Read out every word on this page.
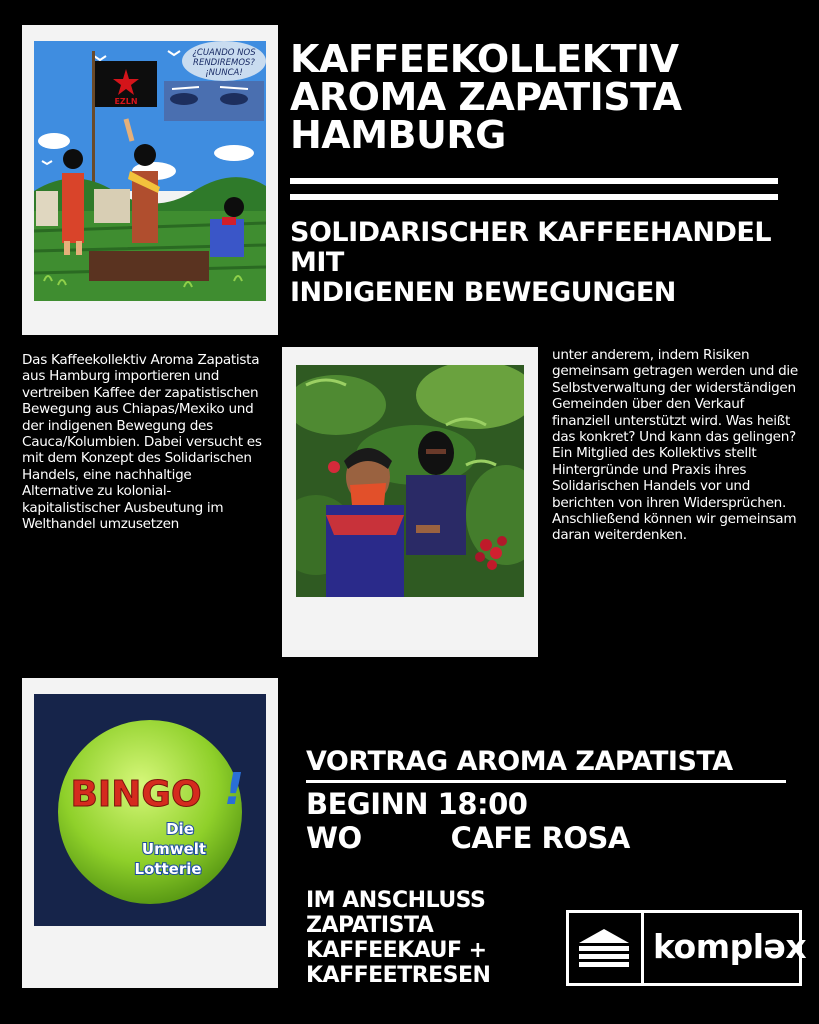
¿CUANDO NOS
RENDIREMOS?
¡NUNCA!
EZLN
KAFFEEKOLLEKTIV
AROMA ZAPATISTA
HAMBURG
SOLIDARISCHER KAFFEEHANDEL
MIT
INDIGENEN BEWEGUNGEN
Das Kaffeekollektiv Aroma Zapatista aus Hamburg importieren und vertreiben Kaffee der zapatistischen Bewegung aus Chiapas/Mexiko und der indigenen Bewegung des Cauca/Kolumbien. Dabei versucht es mit dem Konzept des Solidarischen Handels, eine nachhaltige Alternative zu kolonial-kapitalistischer Ausbeutung im Welthandel umzusetzen
unter anderem, indem Risiken gemeinsam getragen werden und die Selbstverwaltung der widerständigen Gemeinden über den Verkauf finanziell unterstützt wird. Was heißt das konkret? Und kann das gelingen? Ein Mitglied des Kollektivs stellt Hintergründe und Praxis ihres Solidarischen Handels vor und berichten von ihren Widersprüchen. Anschließend können wir gemeinsam daran weiterdenken.
BINGO !
Die
Umwelt
Lotterie
VORTRAG AROMA ZAPATISTA
BEGINN 18:00
WO	CAFE ROSA
IM ANSCHLUSS
ZAPATISTA
KAFFEEKAUF +
KAFFEETRESEN
kompləx
